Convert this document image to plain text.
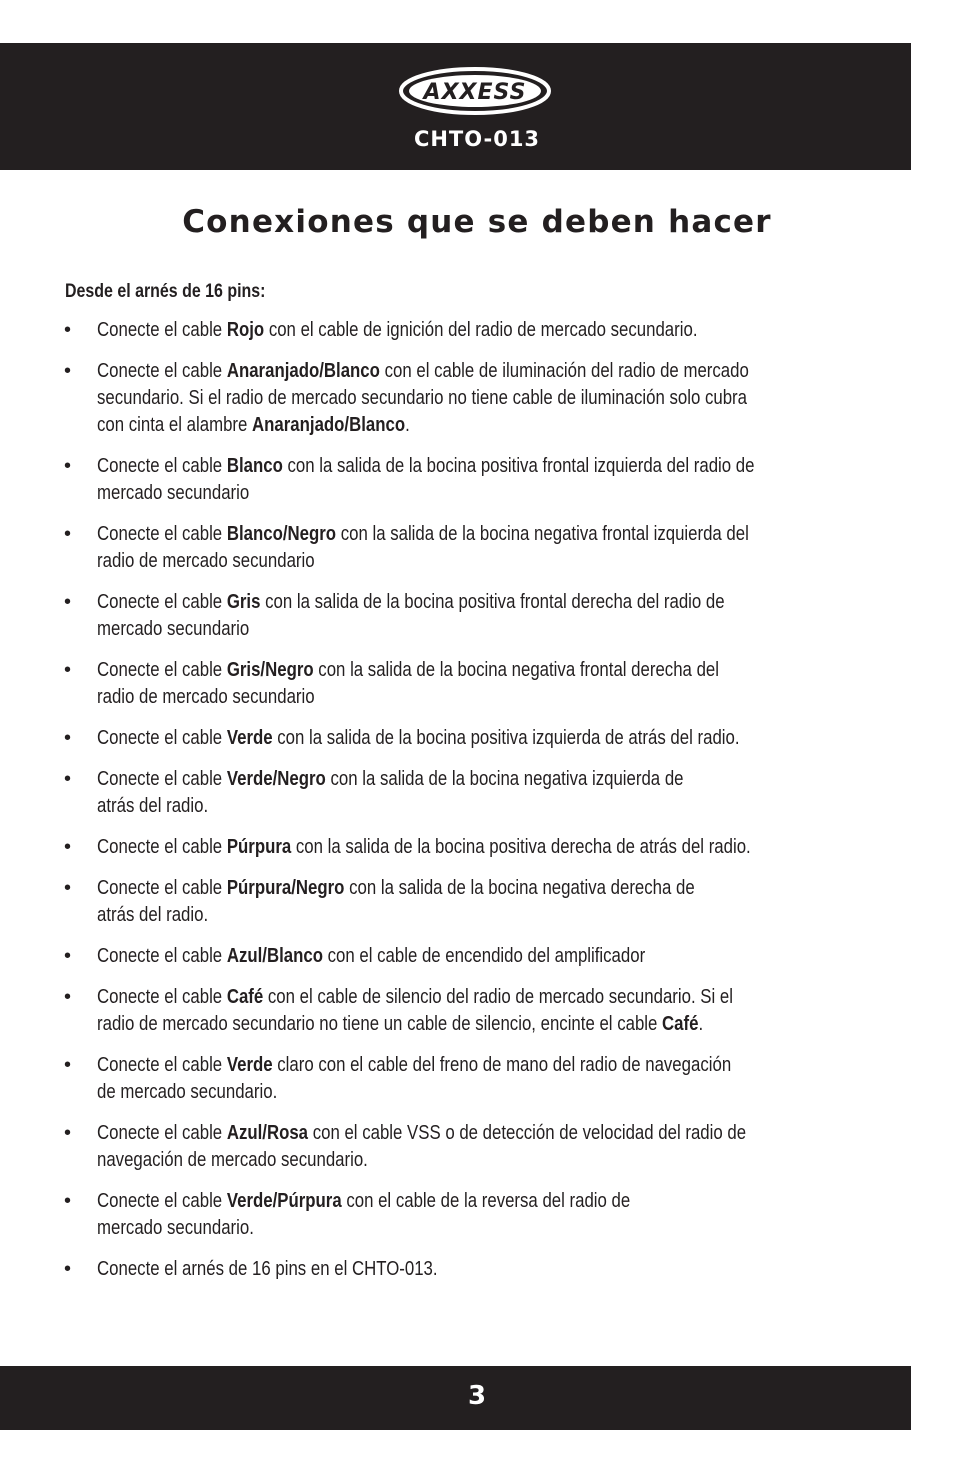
AXXESS
CHTO-013
Conexiones que se deben hacer
Desde el arnés de 16 pins:
• Conecte el cable Rojo con el cable de ignición del radio de mercado secundario.
• Conecte el cable Anaranjado/Blanco con el cable de iluminación del radio de mercado
secundario. Si el radio de mercado secundario no tiene cable de iluminación solo cubra
con cinta el alambre Anaranjado/Blanco.
• Conecte el cable Blanco con la salida de la bocina positiva frontal izquierda del radio de
mercado secundario
• Conecte el cable Blanco/Negro con la salida de la bocina negativa frontal izquierda del
radio de mercado secundario
• Conecte el cable Gris con la salida de la bocina positiva frontal derecha del radio de
mercado secundario
• Conecte el cable Gris/Negro con la salida de la bocina negativa frontal derecha del
radio de mercado secundario
• Conecte el cable Verde con la salida de la bocina positiva izquierda de atrás del radio.
• Conecte el cable Verde/Negro con la salida de la bocina negativa izquierda de
atrás del radio.
• Conecte el cable Púrpura con la salida de la bocina positiva derecha de atrás del radio.
• Conecte el cable Púrpura/Negro con la salida de la bocina negativa derecha de
atrás del radio.
• Conecte el cable Azul/Blanco con el cable de encendido del amplificador
• Conecte el cable Café con el cable de silencio del radio de mercado secundario. Si el
radio de mercado secundario no tiene un cable de silencio, encinte el cable Café.
• Conecte el cable Verde claro con el cable del freno de mano del radio de navegación
de mercado secundario.
• Conecte el cable Azul/Rosa con el cable VSS o de detección de velocidad del radio de
navegación de mercado secundario.
• Conecte el cable Verde/Púrpura con el cable de la reversa del radio de
mercado secundario.
• Conecte el arnés de 16 pins en el CHTO-013.
3
